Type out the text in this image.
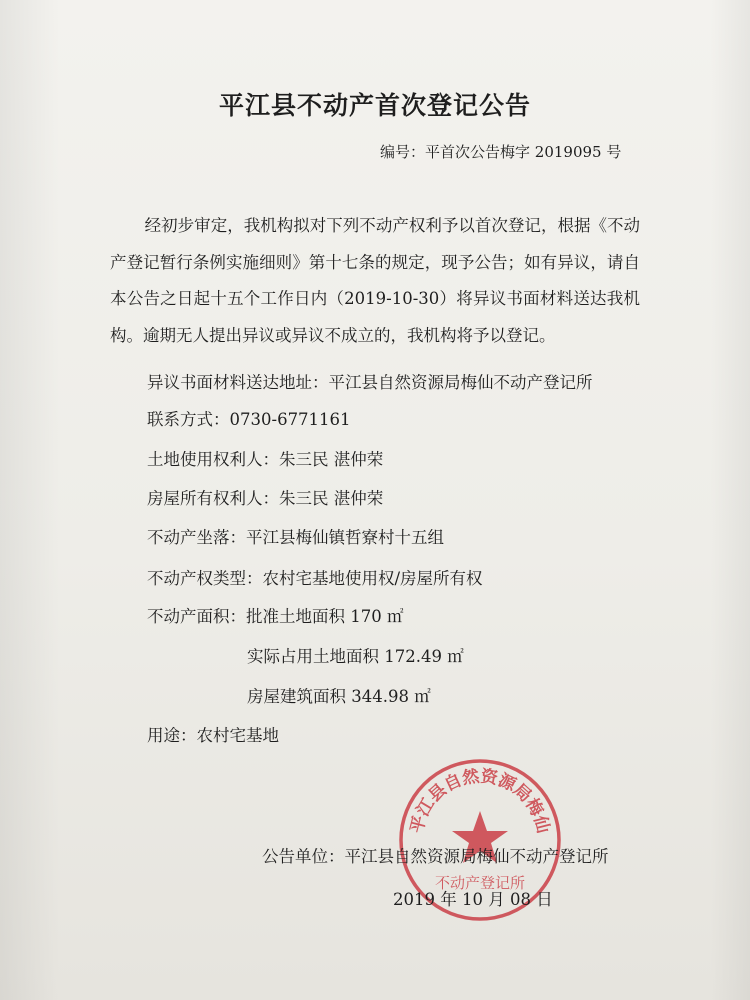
平江县不动产首次登记公告
编号：平首次公告梅字 2019095 号
经初步审定，我机构拟对下列不动产权利予以首次登记，根据《不动产登记暂行条例实施细则》第十七条的规定，现予公告；如有异议，请自本公告之日起十五个工作日内（2019-10-30）将异议书面材料送达我机构。逾期无人提出异议或异议不成立的，我机构将予以登记。
异议书面材料送达地址：平江县自然资源局梅仙不动产登记所
联系方式：0730-6771161
土地使用权利人：朱三民 湛仲荣
房屋所有权利人：朱三民 湛仲荣
不动产坐落：平江县梅仙镇哲寮村十五组
不动产权类型：农村宅基地使用权/房屋所有权
不动产面积：批准土地面积 170 ㎡
实际占用土地面积 172.49 ㎡
房屋建筑面积 344.98 ㎡
用途：农村宅基地
平江县自然资源局梅仙
不动产登记所
公告单位：平江县自然资源局梅仙不动产登记所
2019 年 10 月 08 日
